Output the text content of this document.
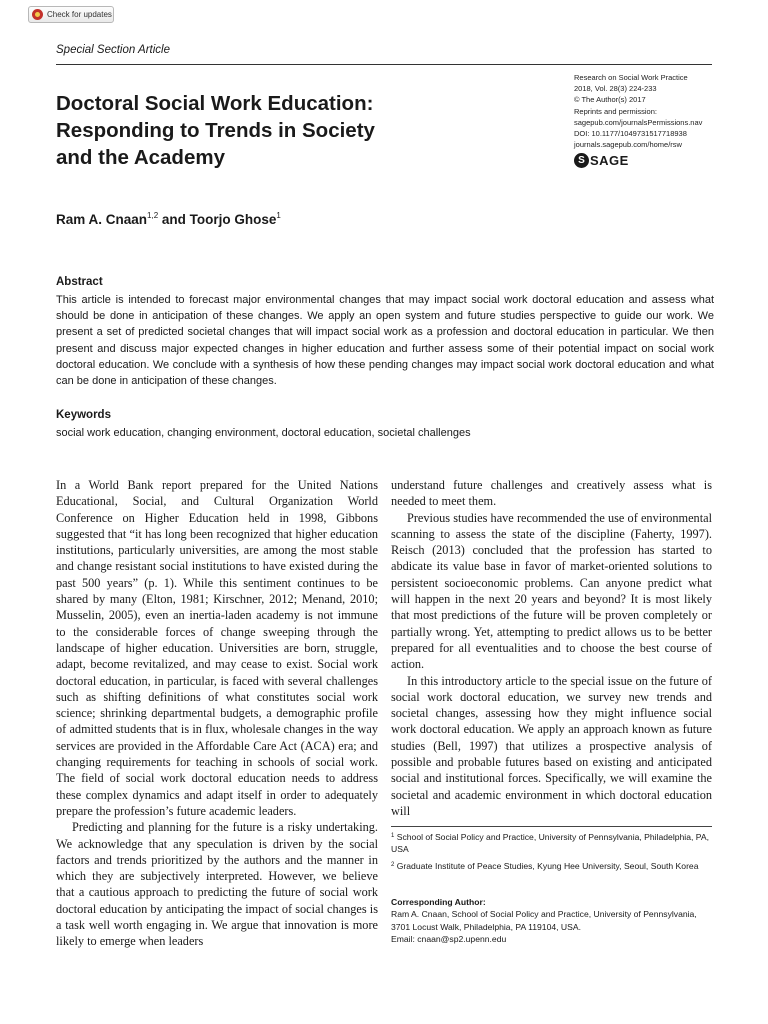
Check for updates
Special Section Article
Doctoral Social Work Education:
Responding to Trends in Society
and the Academy
Research on Social Work Practice
2018, Vol. 28(3) 224-233
© The Author(s) 2017
Reprints and permission:
sagepub.com/journalsPermissions.nav
DOI: 10.1177/1049731517718938
journals.sagepub.com/home/rsw
S SAGE
Ram A. Cnaan$^{1,2}$ and Toorjo Ghose$^1$
Abstract
This article is intended to forecast major environmental changes that may impact social work doctoral education and assess what should be done in anticipation of these changes. We apply an open system and future studies perspective to guide our work. We present a set of predicted societal changes that will impact social work as a profession and doctoral education in particular. We then present and discuss major expected changes in higher education and further assess some of their potential impact on social work doctoral education. We conclude with a synthesis of how these pending changes may impact social work doctoral education and what can be done in anticipation of these changes.
Keywords
social work education, changing environment, doctoral education, societal challenges

In a World Bank report prepared for the United Nations Educational, Social, and Cultural Organization World Conference on Higher Education held in 1998, Gibbons suggested that “it has long been recognized that higher education institutions, particularly universities, are among the most stable and change resistant social institutions to have existed during the past 500 years” (p. 1). While this sentiment continues to be shared by many (Elton, 1981; Kirschner, 2012; Menand, 2010; Musselin, 2005), even an inertia-laden academy is not immune to the considerable forces of change sweeping through the landscape of higher education. Universities are born, struggle, adapt, become revitalized, and may cease to exist. Social work doctoral education, in particular, is faced with several challenges such as shifting definitions of what constitutes social work science; shrinking departmental budgets, a demographic profile of admitted students that is in flux, wholesale changes in the way services are provided in the Affordable Care Act (ACA) era; and changing requirements for teaching in schools of social work. The field of social work doctoral education needs to address these complex dynamics and adapt itself in order to adequately prepare the profession’s future academic leaders.

Predicting and planning for the future is a risky undertaking. We acknowledge that any speculation is driven by the social factors and trends prioritized by the authors and the manner in which they are subjectively interpreted. However, we believe that a cautious approach to predicting the future of social work doctoral education by anticipating the impact of social changes is a task well worth engaging in. We argue that innovation is more likely to emerge when leaders

understand future challenges and creatively assess what is needed to meet them.

Previous studies have recommended the use of environmental scanning to assess the state of the discipline (Faherty, 1997). Reisch (2013) concluded that the profession has started to abdicate its value base in favor of market-oriented solutions to persistent socioeconomic problems. Can anyone predict what will happen in the next 20 years and beyond? It is most likely that most predictions of the future will be proven completely or partially wrong. Yet, attempting to predict allows us to be better prepared for all eventualities and to choose the best course of action.

In this introductory article to the special issue on the future of social work doctoral education, we survey new trends and societal changes, assessing how they might influence social work doctoral education. We apply an approach known as future studies (Bell, 1997) that utilizes a prospective analysis of possible and probable futures based on existing and anticipated social and institutional forces. Specifically, we will examine the societal and academic environment in which doctoral education will

$^1$ School of Social Policy and Practice, University of Pennsylvania, Philadelphia, PA, USA

$^2$ Graduate Institute of Peace Studies, Kyung Hee University, Seoul, South Korea

Corresponding Author:
Ram A. Cnaan, School of Social Policy and Practice, University of Pennsylvania, 3701 Locust Walk, Philadelphia, PA 119104, USA.
Email: cnaan@sp2.upenn.edu
